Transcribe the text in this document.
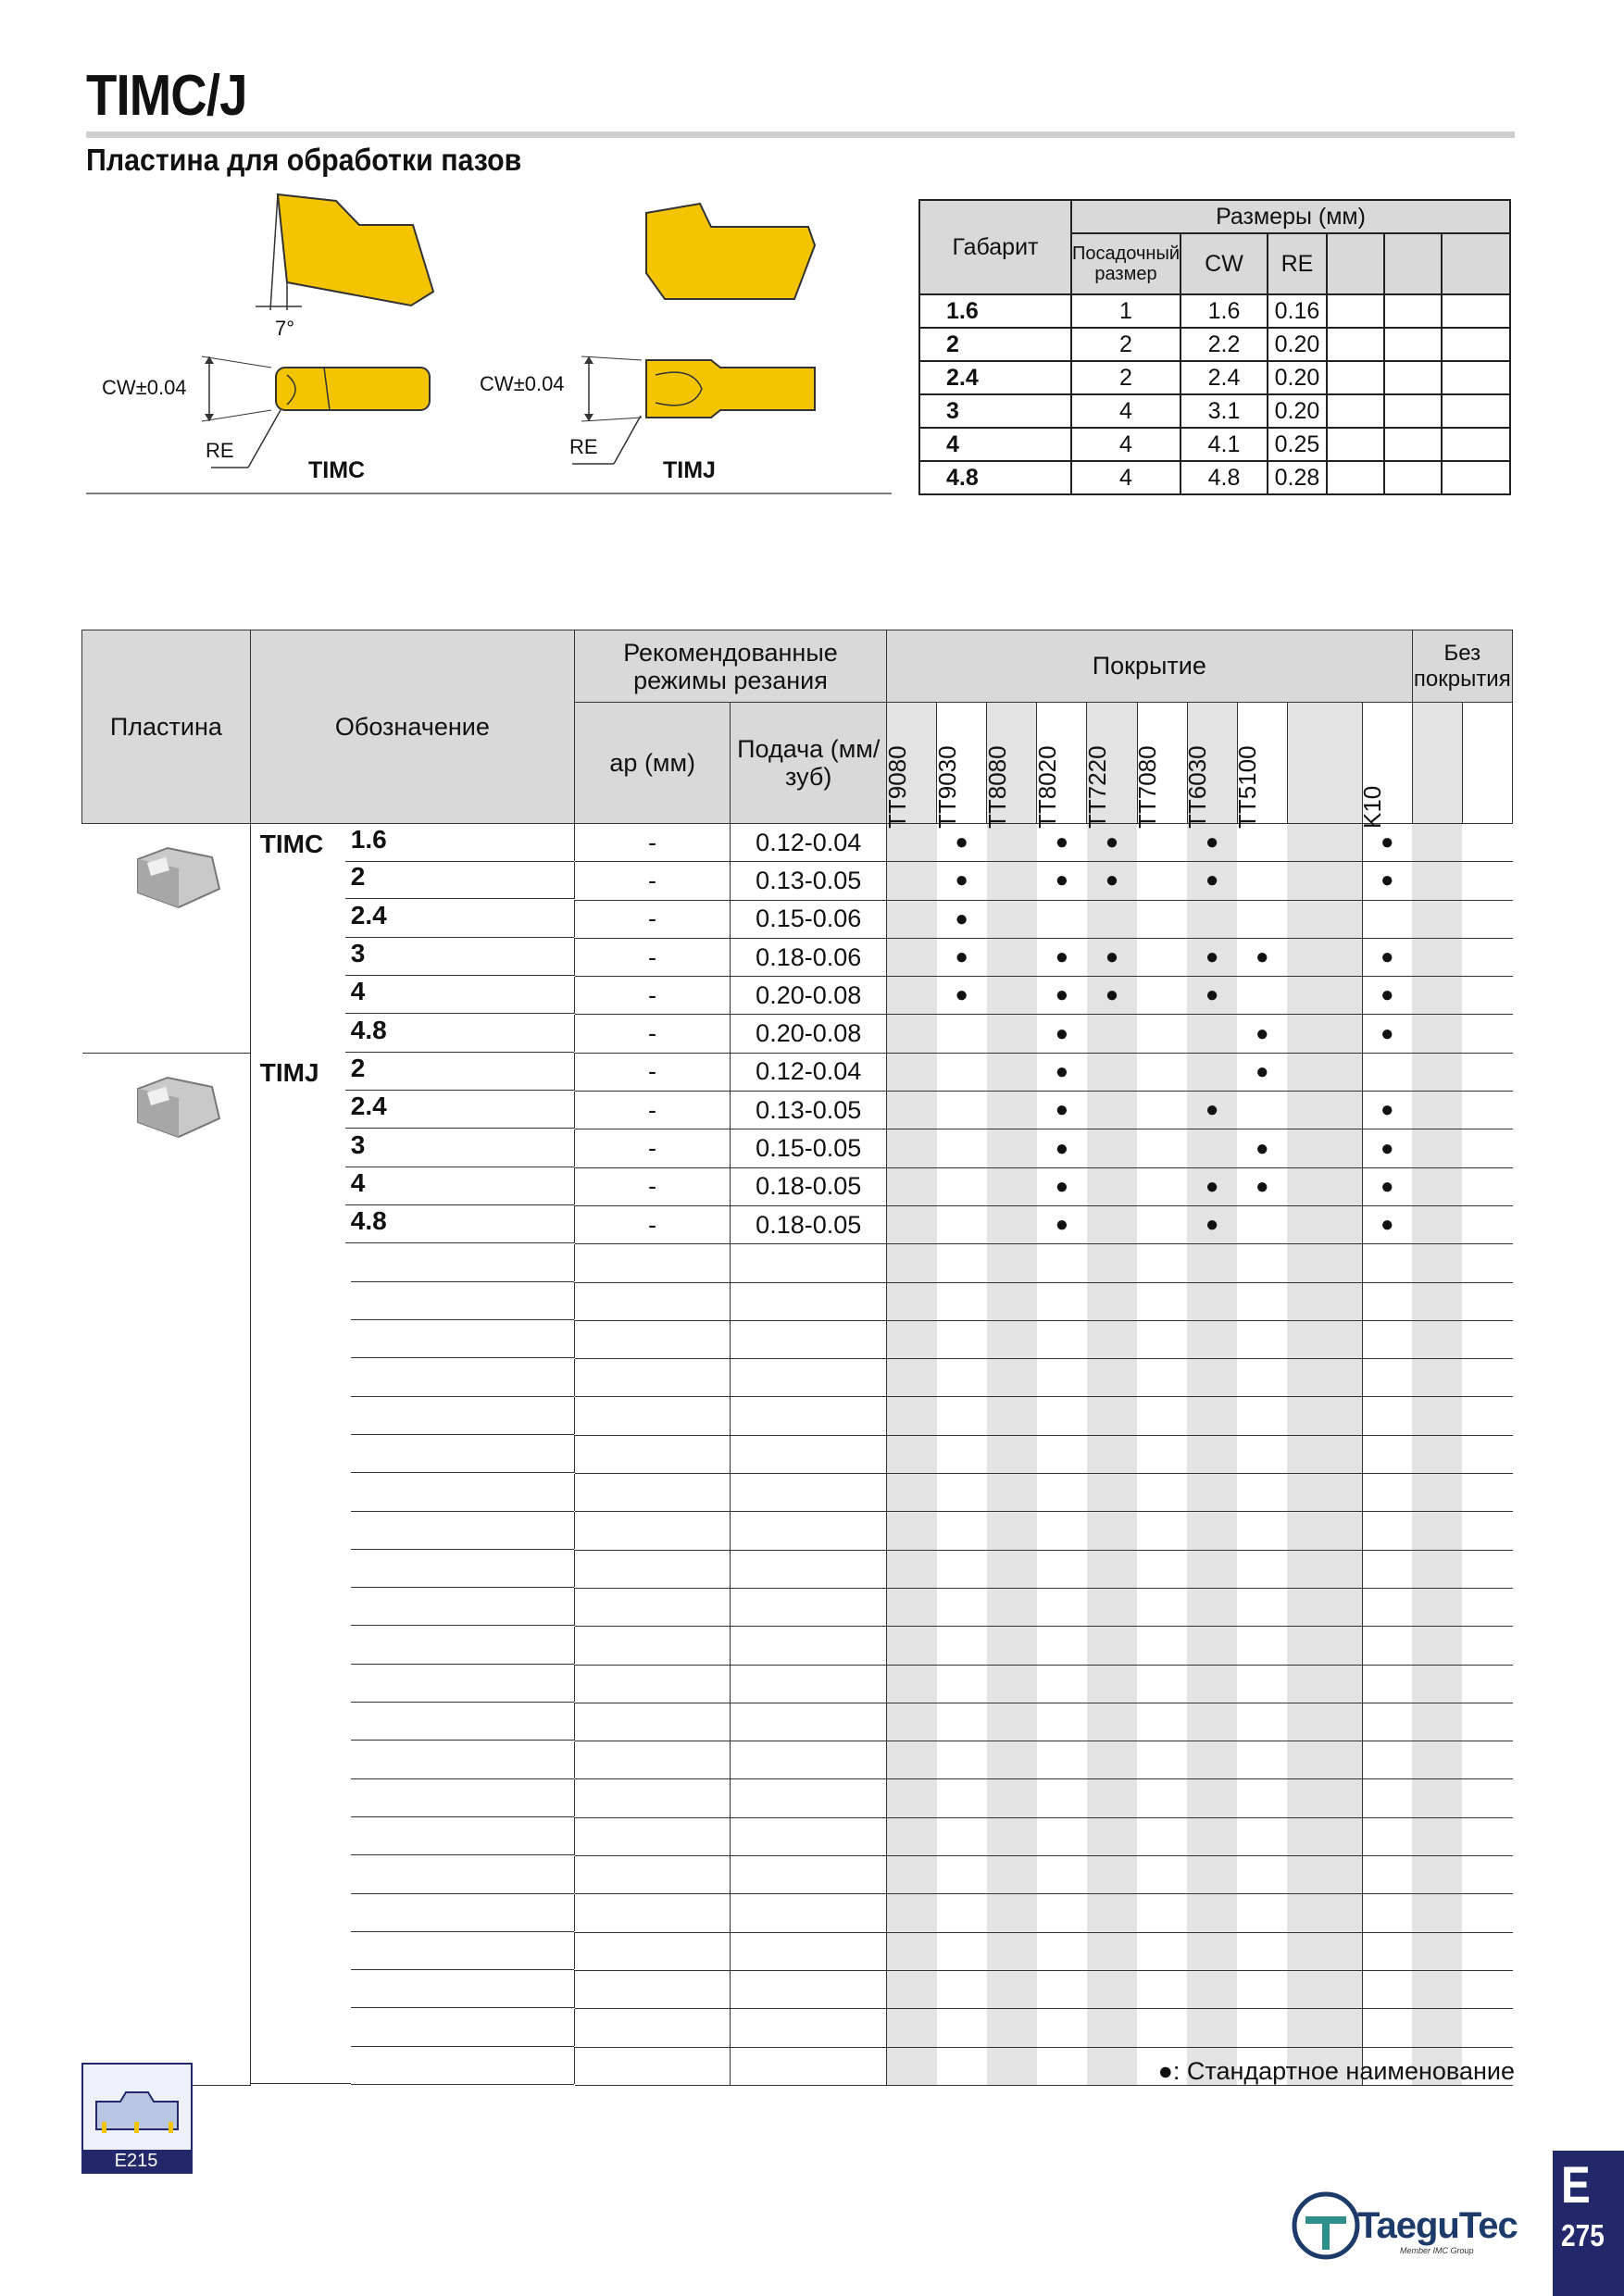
TIMC/J
Пластина для обработки пазов
7°
CW±0.04	CW±0.04
RE	RE
TIMC	TIMJ
Габарит	Размеры (мм)					
	Посадочный размер	CW	RE			
1.6	1	1.6	0.16			
2	2	2.2	0.20			
2.4	2	2.4	0.20			
3	4	3.1	0.20			
4	4	4.1	0.25			
4.8	4	4.8	0.28			
Пластина	Обозначение	Рекомендованные режимы резания		Покрытие										Без покрытия	
		ap (мм)	Подача (мм/зуб)	TT9080	TT9030	TT8080	TT8020	TT7220	TT7080	TT6030	TT5100		K10		

TIMC	1.6	-	0.12-0.04		●		●	●		●			●		

2	-	0.13-0.05		●		●	●		●			●		

2.4	-	0.15-0.06		●										

3	-	0.18-0.06		●		●	●		●	●		●		

4	-	0.20-0.08		●		●	●		●			●		

4.8	-	0.20-0.08				●				●		●		

TIMJ	2	-	0.12-0.04				●				●				

2.4	-	0.13-0.05				●			●			●		

3	-	0.15-0.05				●				●		●		

4	-	0.18-0.05				●			●	●		●		

4.8	-	0.18-0.05				●			●			●		

●: Стандартное наименование
E215
TaeguTec
Member IMC Group
E
275
